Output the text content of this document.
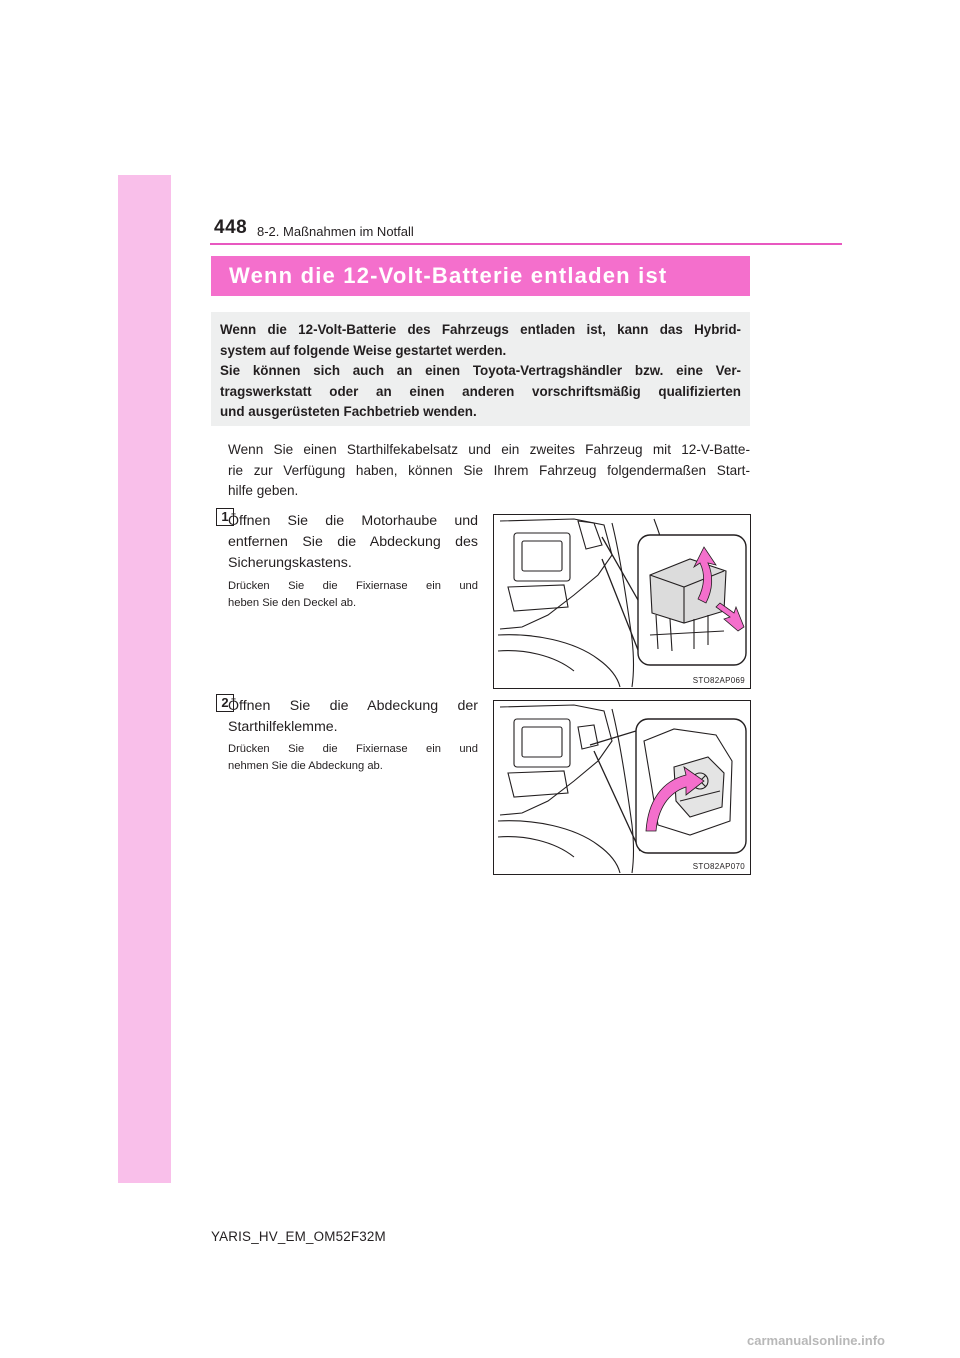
448 8-2. Maßnahmen im Notfall
Wenn die 12-Volt-Batterie entladen ist

Wenn die 12-Volt-Batterie des Fahrzeugs entladen ist, kann das Hybrid-

system auf folgende Weise gestartet werden.

Sie können sich auch an einen Toyota-Vertragshändler bzw. eine Ver-

tragswerkstatt oder an einen anderen vorschriftsmäßig qualifizierten

und ausgerüsteten Fachbetrieb wenden.

Wenn Sie einen Starthilfekabelsatz und ein zweites Fahrzeug mit 12-V-Batte-
rie zur Verfügung haben, können Sie Ihrem Fahrzeug folgendermaßen Start-
hilfe geben.
1 Öffnen Sie die Motorhaube und
entfernen Sie die Abdeckung des
Sicherungskastens.
Drücken Sie die Fixiernase ein und
heben Sie den Deckel ab.
STO82AP069
2 Öffnen Sie die Abdeckung der
Starthilfeklemme.
Drücken Sie die Fixiernase ein und
nehmen Sie die Abdeckung ab.
STO82AP070
YARIS_HV_EM_OM52F32M
carmanualsonline.info
